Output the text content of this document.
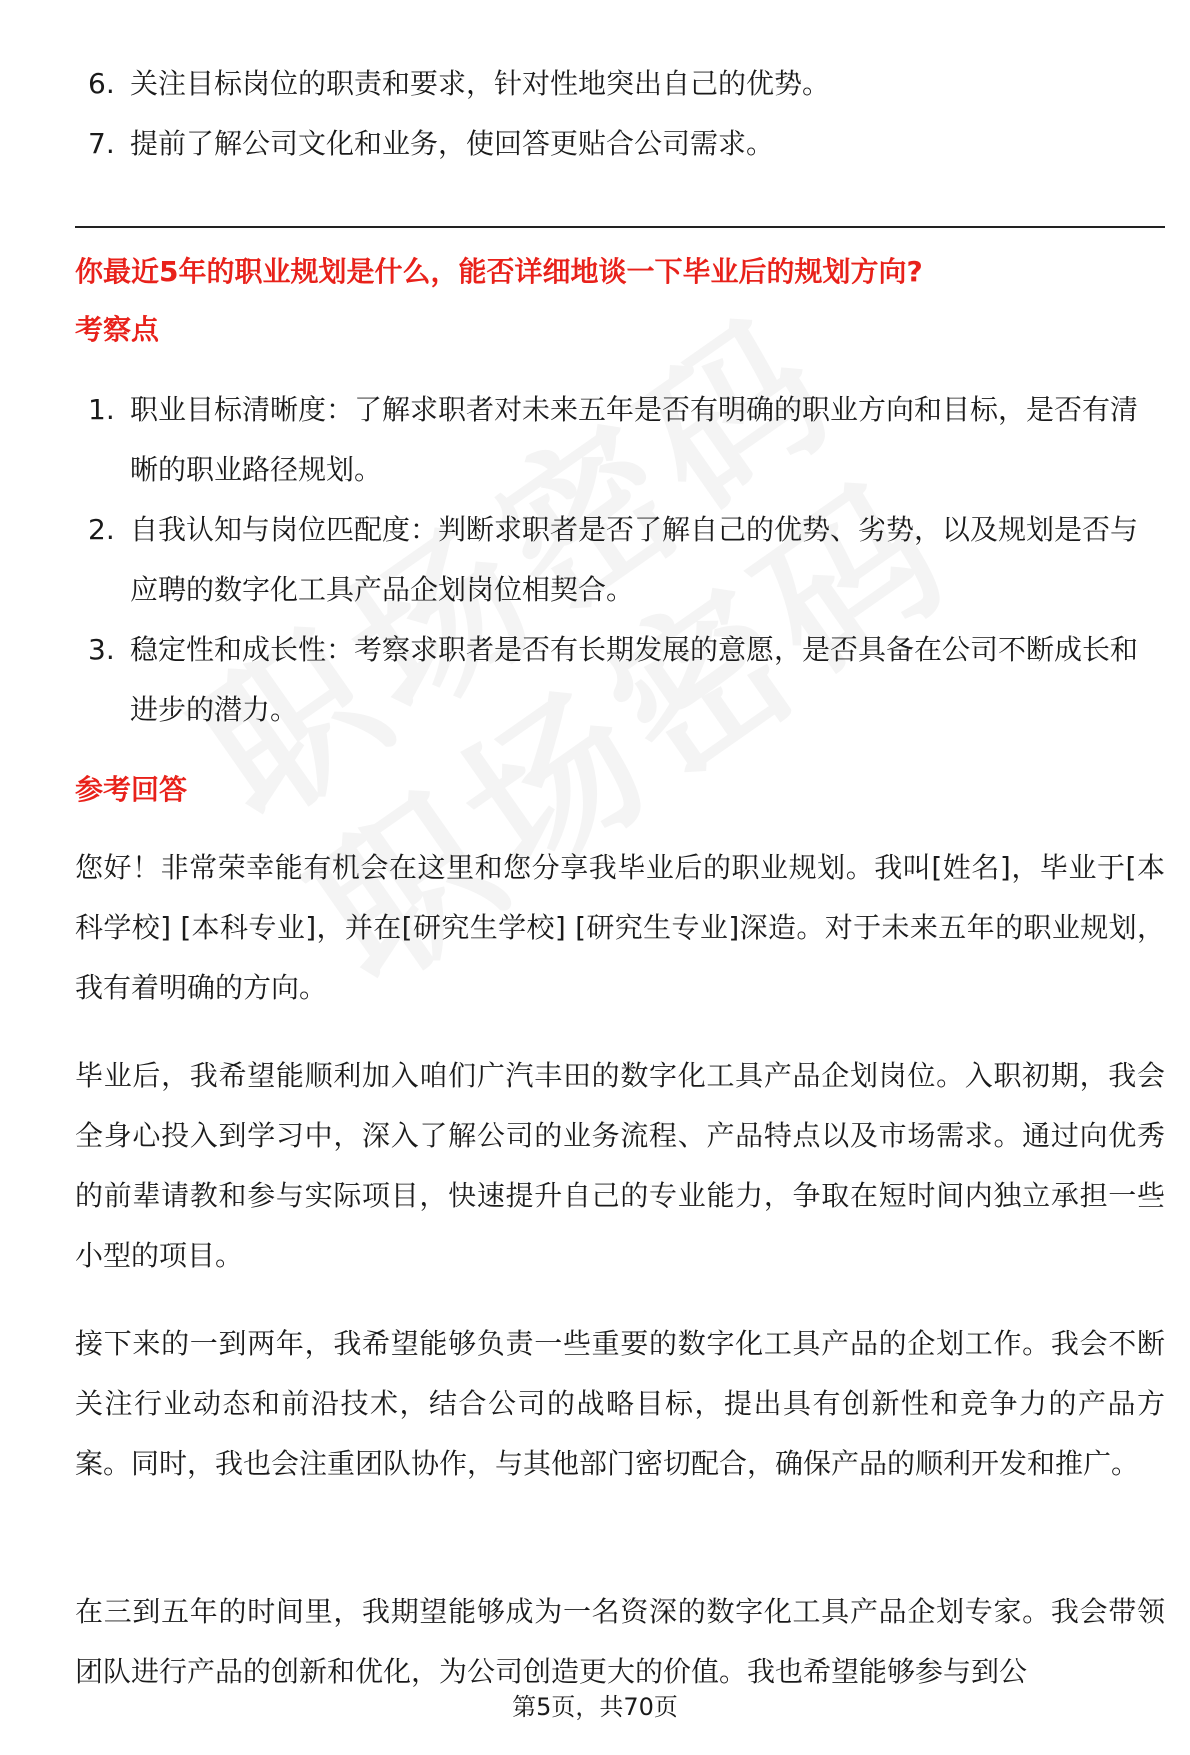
6. 关注目标岗位的职责和要求，针对性地突出自己的优势。
7. 提前了解公司文化和业务，使回答更贴合公司需求。
你最近5年的职业规划是什么，能否详细地谈一下毕业后的规划方向?
考察点
1. 职业目标清晰度：了解求职者对未来五年是否有明确的职业方向和目标，是否有清晰的职业路径规划。
2. 自我认知与岗位匹配度：判断求职者是否了解自己的优势、劣势，以及规划是否与应聘的数字化工具产品企划岗位相契合。
3. 稳定性和成长性：考察求职者是否有长期发展的意愿，是否具备在公司不断成长和进步的潜力。
参考回答

您好！非常荣幸能有机会在这里和您分享我毕业后的职业规划。我叫[姓名]，毕业于[本科学校] [本科专业]，并在[研究生学校] [研究生专业]深造。对于未来五年的职业规划，我有着明确的方向。

毕业后，我希望能顺利加入咱们广汽丰田的数字化工具产品企划岗位。入职初期，我会全身心投入到学习中，深入了解公司的业务流程、产品特点以及市场需求。通过向优秀的前辈请教和参与实际项目，快速提升自己的专业能力，争取在短时间内独立承担一些小型的项目。

接下来的一到两年，我希望能够负责一些重要的数字化工具产品的企划工作。我会不断关注行业动态和前沿技术，结合公司的战略目标，提出具有创新性和竞争力的产品方案。同时，我也会注重团队协作，与其他部门密切配合，确保产品的顺利开发和推广。

在三到五年的时间里，我期望能够成为一名资深的数字化工具产品企划专家。我会带领团队进行产品的创新和优化，为公司创造更大的价值。我也希望能够参与到公

第5页，共70页
